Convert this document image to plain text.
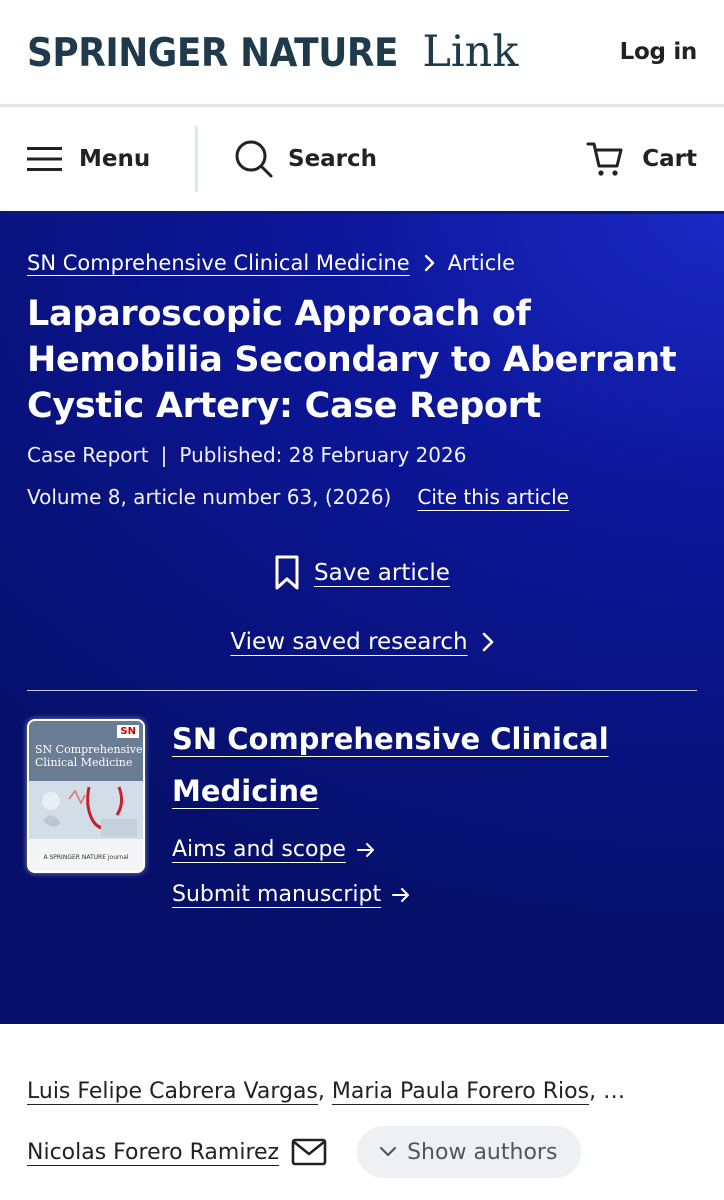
SPRINGER NATURE Link	Log in
Menu	Search	Cart
SN Comprehensive Clinical Medicine Article
Laparoscopic Approach of Hemobilia Secondary to Aberrant Cystic Artery: Case Report
Case Report | Published: 28 February 2026
Volume 8, article number 63, (2026) Cite this article
Save article
View saved research
SN
SN Comprehensive Clinical Medicine
A SPRINGER NATURE journal
SN Comprehensive Clinical Medicine
Aims and scope
Submit manuscript
Luis Felipe Cabrera Vargas , Maria Paula Forero Rios , …
Nicolas Forero Ramirez	Show authors
